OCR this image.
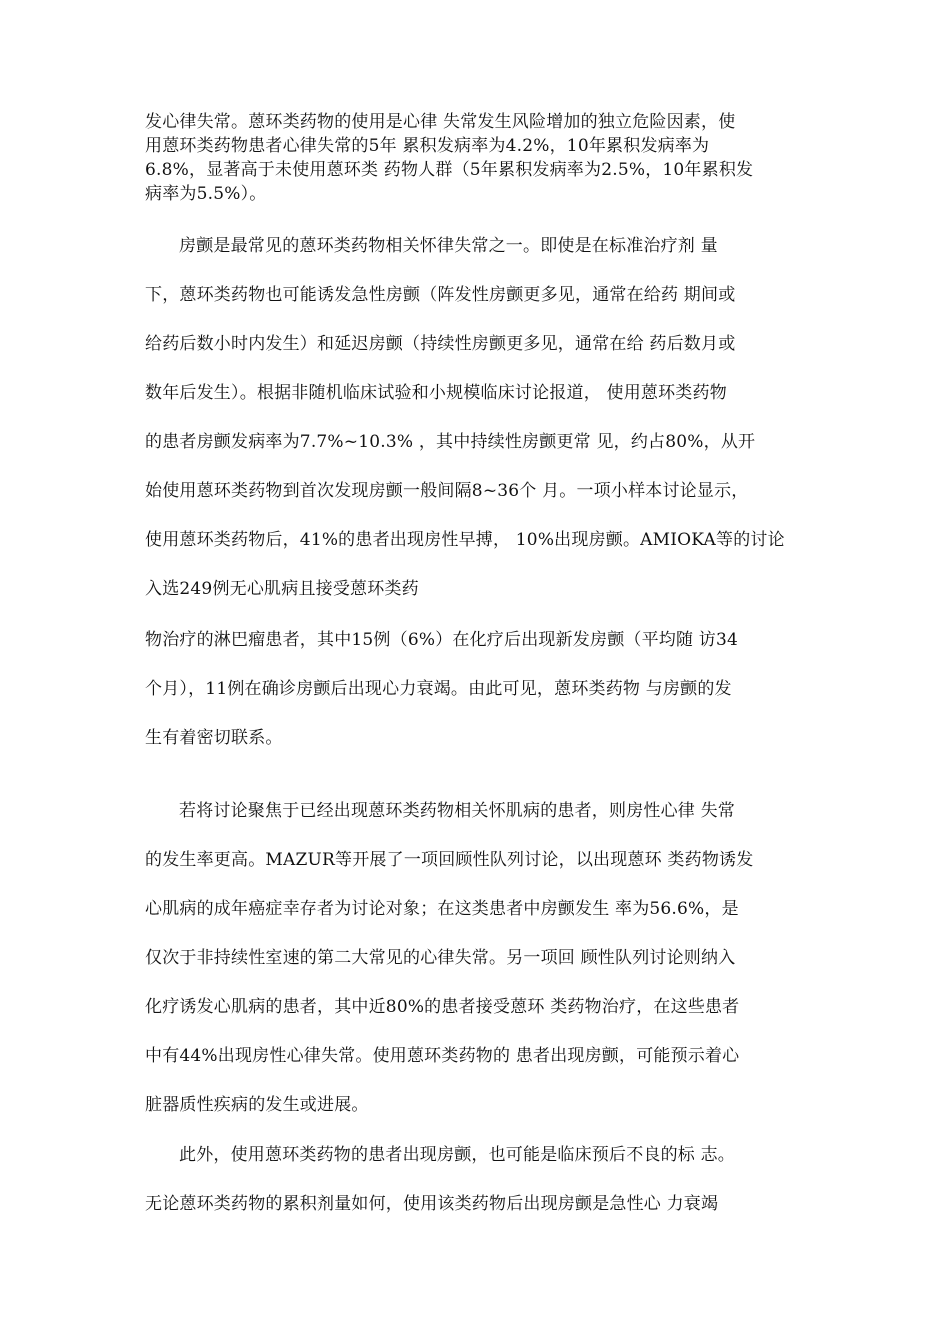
发心律失常。蒽环类药物的使用是心律 失常发生风险增加的独立危险因素，使
用蒽环类药物患者心律失常的5年 累积发病率为4.2%，10年累积发病率为
6.8%，显著高于未使用蒽环类 药物人群（5年累积发病率为2.5%，10年累积发
病率为5.5%）。

房颤是最常见的蒽环类药物相关怀律失常之一。即使是在标准治疗剂 量
下，蒽环类药物也可能诱发急性房颤（阵发性房颤更多见，通常在给药 期间或
给药后数小时内发生）和延迟房颤（持续性房颤更多见，通常在给 药后数月或
数年后发生）。根据非随机临床试验和小规模临床讨论报道， 使用蒽环类药物
的患者房颤发病率为7.7%~10.3% ，其中持续性房颤更常 见，约占80%，从开
始使用蒽环类药物到首次发现房颤一般间隔8~36个 月。一项小样本讨论显示，
使用蒽环类药物后，41%的患者出现房性早搏， 10%出现房颤。AMIOKA等的讨论
入选249例无心肌病且接受蒽环类药

物治疗的淋巴瘤患者，其中15例（6%）在化疗后出现新发房颤（平均随 访34
个月），11例在确诊房颤后出现心力衰竭。由此可见，蒽环类药物 与房颤的发
生有着密切联系。

若将讨论聚焦于已经出现蒽环类药物相关怀肌病的患者，则房性心律 失常
的发生率更高。MAZUR等开展了一项回顾性队列讨论，以出现蒽环 类药物诱发
心肌病的成年癌症幸存者为讨论对象；在这类患者中房颤发生 率为56.6%，是
仅次于非持续性室速的第二大常见的心律失常。另一项回 顾性队列讨论则纳入
化疗诱发心肌病的患者，其中近80%的患者接受蒽环 类药物治疗，在这些患者
中有44%出现房性心律失常。使用蒽环类药物的 患者出现房颤，可能预示着心
脏器质性疾病的发生或进展。

此外，使用蒽环类药物的患者出现房颤，也可能是临床预后不良的标 志。
无论蒽环类药物的累积剂量如何，使用该类药物后出现房颤是急性心 力衰竭
